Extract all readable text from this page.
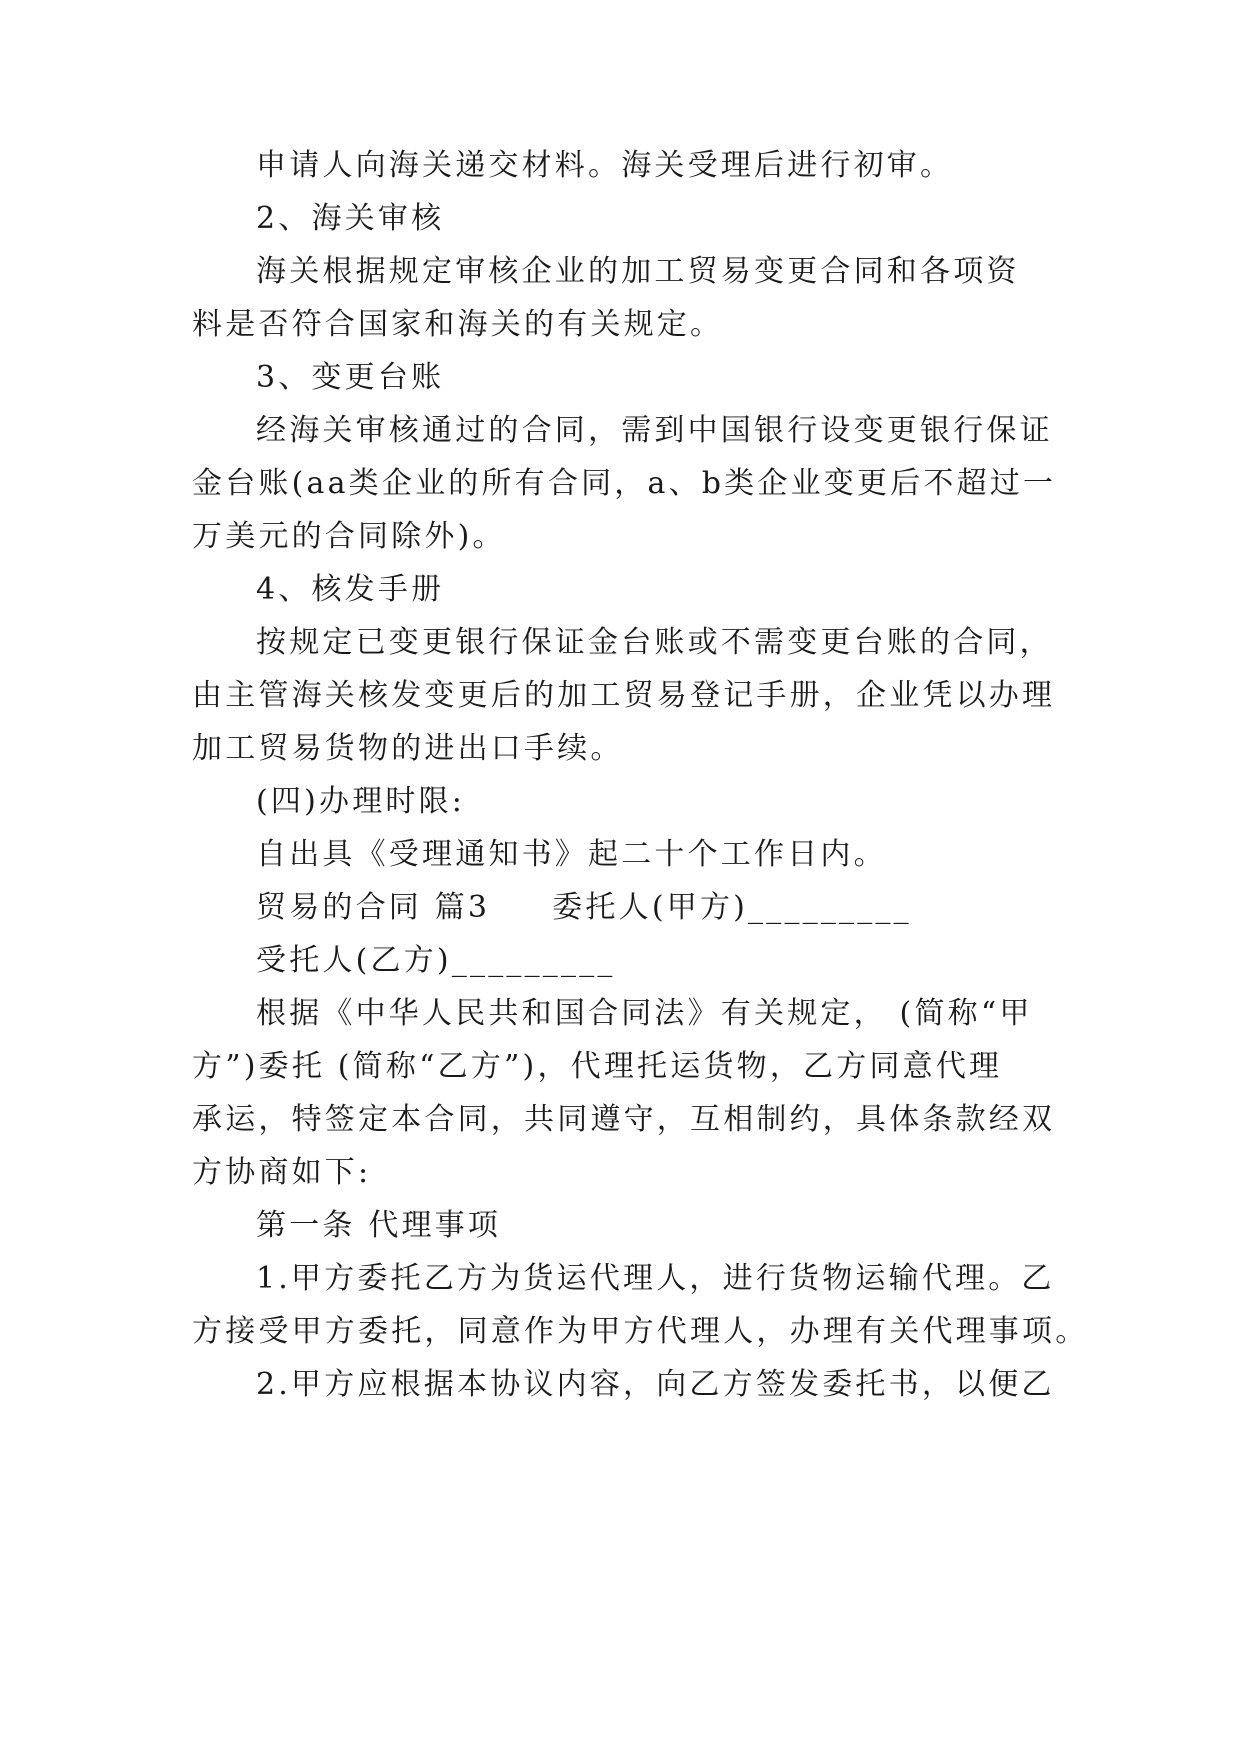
申请人向海关递交材料。海关受理后进行初审。
2、海关审核
海关根据规定审核企业的加工贸易变更合同和各项资
料是否符合国家和海关的有关规定。
3、变更台账
经海关审核通过的合同，需到中国银行设变更银行保证
金台账(aa类企业的所有合同，a、b类企业变更后不超过一
万美元的合同除外)。
4、核发手册
按规定已变更银行保证金台账或不需变更台账的合同，
由主管海关核发变更后的加工贸易登记手册，企业凭以办理
加工贸易货物的进出口手续。
(四)办理时限:
自出具《受理通知书》起二十个工作日内。
贸易的合同 篇3 委托人(甲方)_________
受托人(乙方)_________
根据《中华人民共和国合同法》有关规定， (简称“甲
方”)委托 (简称“乙方”)，代理托运货物，乙方同意代理
承运，特签定本合同，共同遵守，互相制约，具体条款经双
方协商如下:
第一条 代理事项
1.甲方委托乙方为货运代理人，进行货物运输代理。乙
方接受甲方委托，同意作为甲方代理人，办理有关代理事项。
2.甲方应根据本协议内容，向乙方签发委托书，以便乙
